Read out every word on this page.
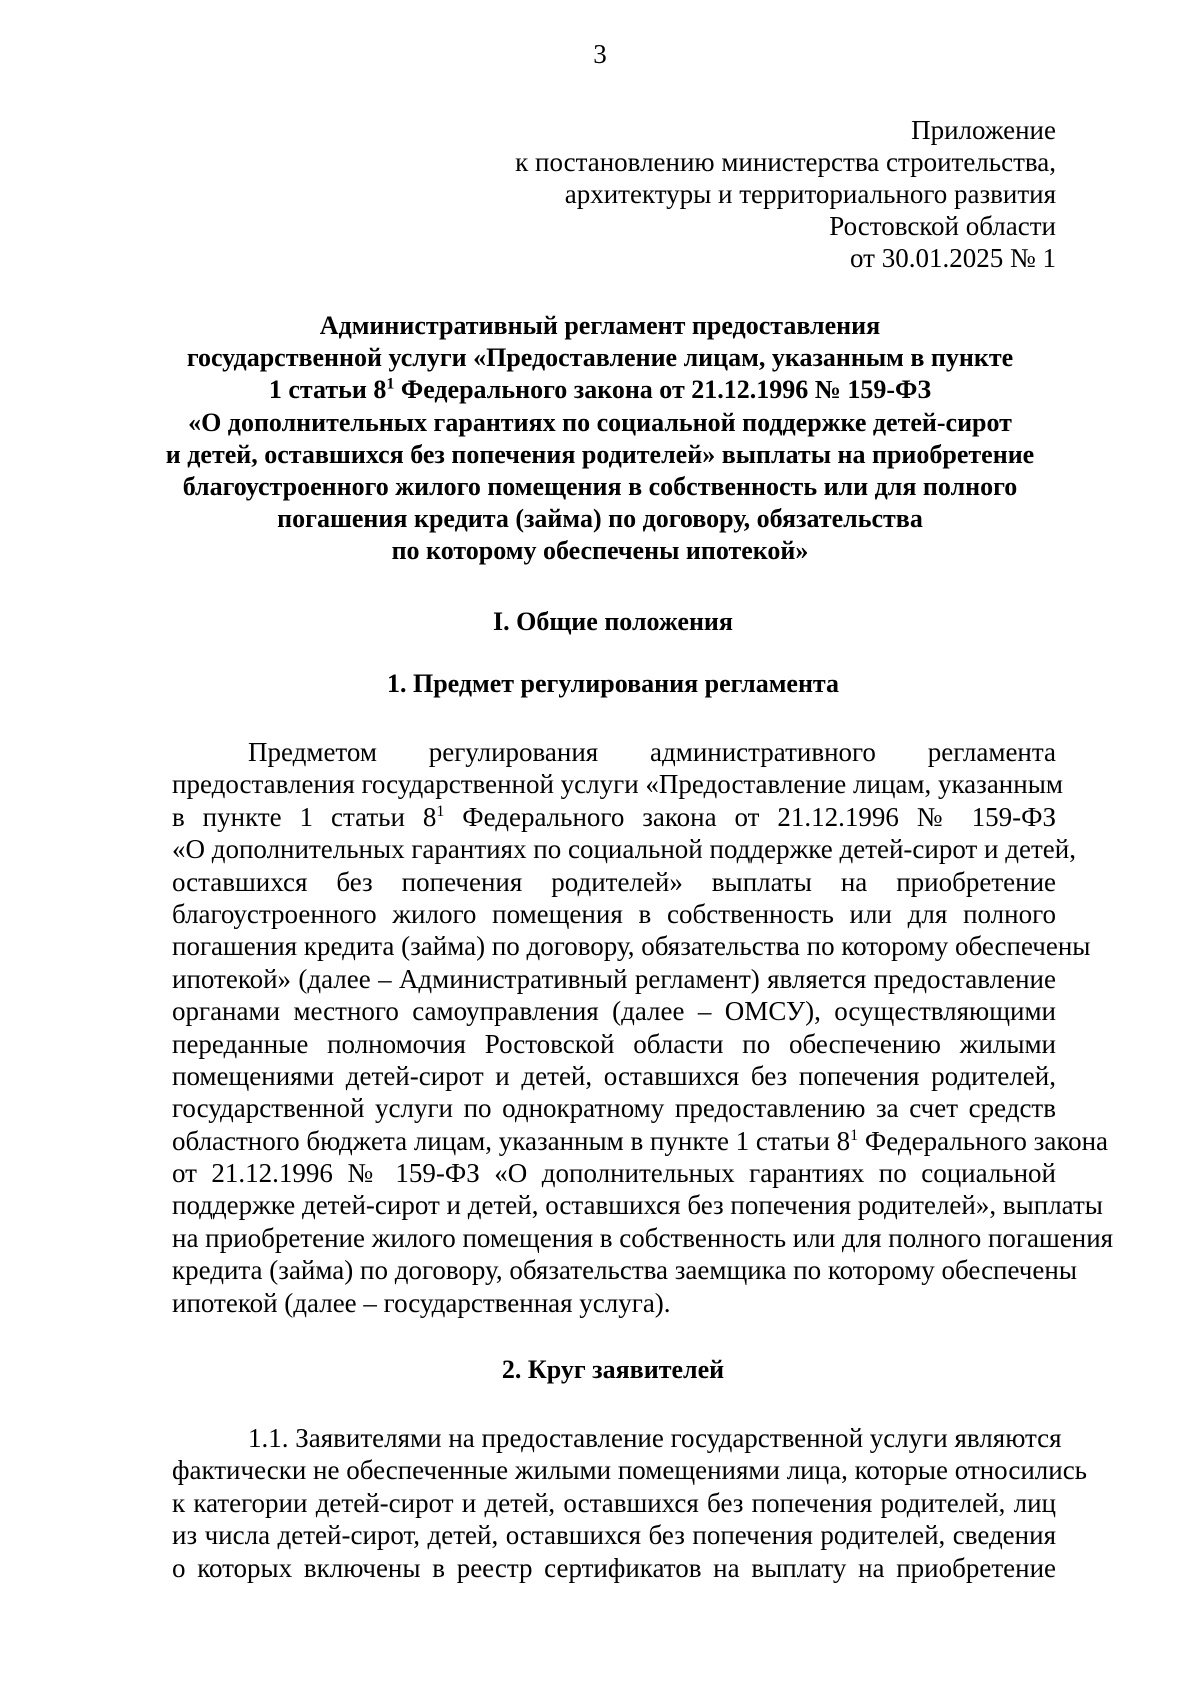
3
Приложение
к постановлению министерства строительства,
архитектуры и территориального развития
Ростовской области
от 30.01.2025 № 1
Административный регламент предоставления
государственной услуги «Предоставление лицам, указанным в пункте
1 статьи $8^1$ Федерального закона от 21.12.1996 № 159-ФЗ
«О дополнительных гарантиях по социальной поддержке детей-сирот
и детей, оставшихся без попечения родителей» выплаты на приобретение
благоустроенного жилого помещения в собственность или для полного
погашения кредита (займа) по договору, обязательства
по которому обеспечены ипотекой»
I. Общие положения
1. Предмет регулирования регламента
Предметом регулирования административного регламента
предоставления государственной услуги «Предоставление лицам, указанным
в пункте 1 статьи $8^1$ Федерального закона от 21.12.1996 № 159-ФЗ
«О дополнительных гарантиях по социальной поддержке детей-сирот и детей,
оставшихся без попечения родителей» выплаты на приобретение
благоустроенного жилого помещения в собственность или для полного
погашения кредита (займа) по договору, обязательства по которому обеспечены
ипотекой» (далее – Административный регламент) является предоставление
органами местного самоуправления (далее – ОМСУ), осуществляющими
переданные полномочия Ростовской области по обеспечению жилыми
помещениями детей-сирот и детей, оставшихся без попечения родителей,
государственной услуги по однократному предоставлению за счет средств
областного бюджета лицам, указанным в пункте 1 статьи $8^1$ Федерального закона
от 21.12.1996 № 159-ФЗ «О дополнительных гарантиях по социальной
поддержке детей-сирот и детей, оставшихся без попечения родителей», выплаты
на приобретение жилого помещения в собственность или для полного погашения
кредита (займа) по договору, обязательства заемщика по которому обеспечены
ипотекой (далее – государственная услуга).
2. Круг заявителей
1.1. Заявителями на предоставление государственной услуги являются
фактически не обеспеченные жилыми помещениями лица, которые относились
к категории детей-сирот и детей, оставшихся без попечения родителей, лиц
из числа детей-сирот, детей, оставшихся без попечения родителей, сведения
о которых включены в реестр сертификатов на выплату на приобретение
